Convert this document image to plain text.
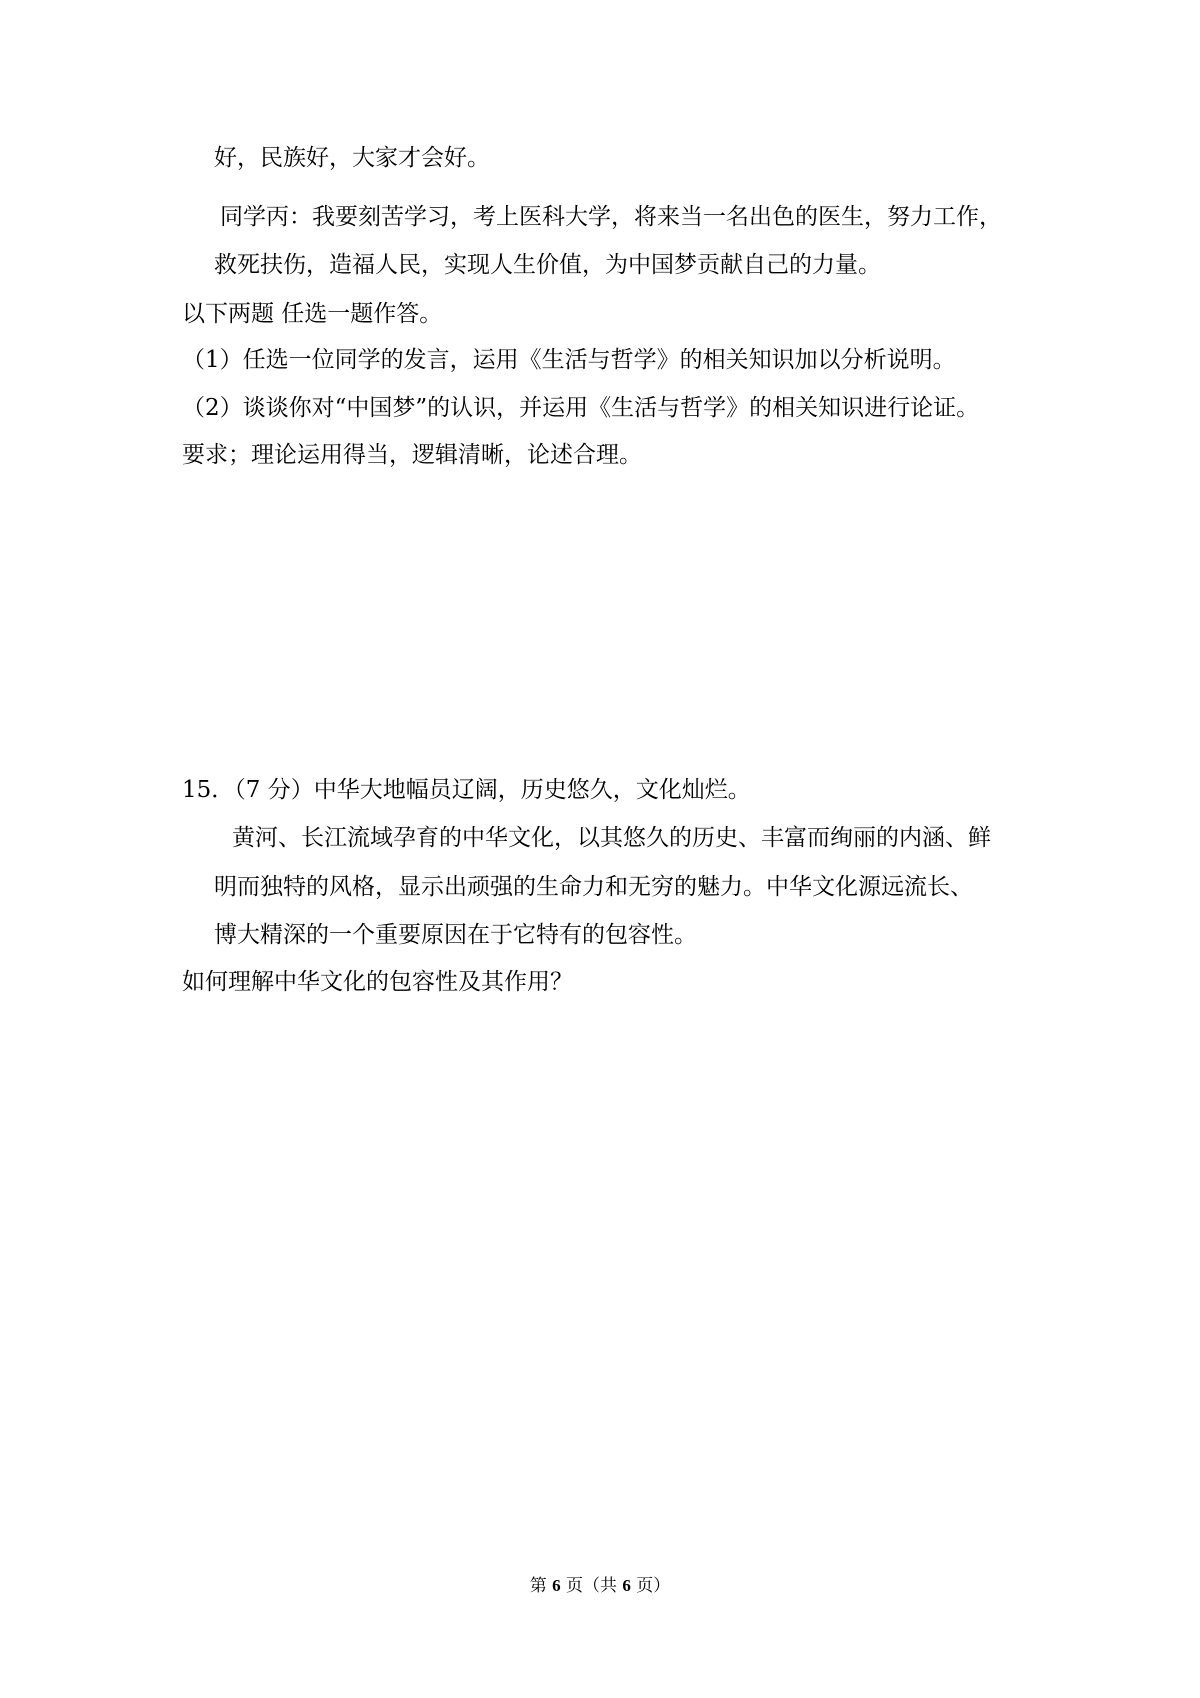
好，民族好，大家才会好。
同学丙：我要刻苦学习，考上医科大学，将来当一名出色的医生，努力工作，
救死扶伤，造福人民，实现人生价值，为中国梦贡献自己的力量。
以下两题 任选一题作答。
（1）任选一位同学的发言，运用《生活与哲学》的相关知识加以分析说明。
（2）谈谈你对“中国梦”的认识，并运用《生活与哲学》的相关知识进行论证。
要求；理论运用得当，逻辑清晰，论述合理。
15．（7 分）中华大地幅员辽阔，历史悠久，文化灿烂。
黄河、长江流域孕育的中华文化，以其悠久的历史、丰富而绚丽的内涵、鲜
明而独特的风格，显示出顽强的生命力和无穷的魅力。中华文化源远流长、
博大精深的一个重要原因在于它特有的包容性。
如何理解中华文化的包容性及其作用？
第 6 页（共 6 页）
